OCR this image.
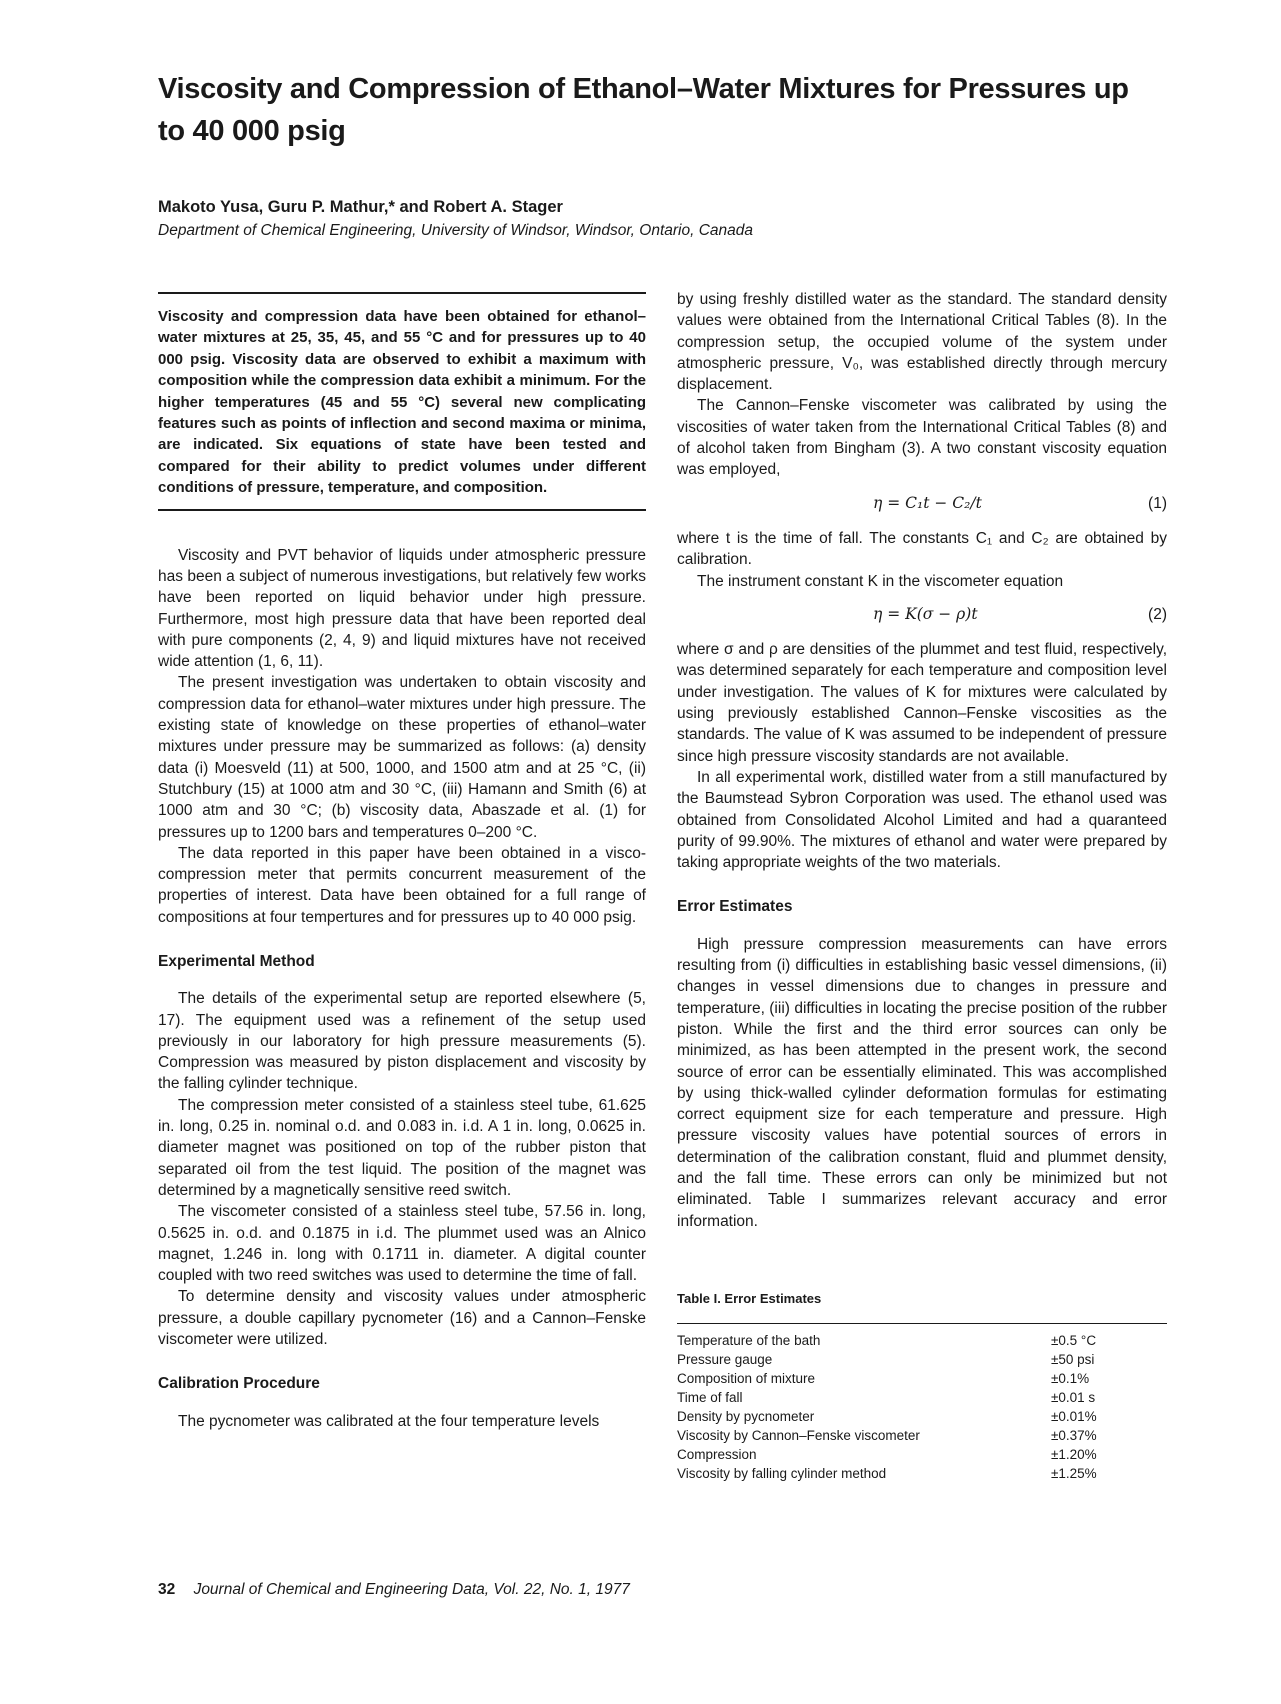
Viscosity and Compression of Ethanol–Water Mixtures for Pressures up to 40 000 psig

Makoto Yusa, Guru P. Mathur,* and Robert A. Stager

Department of Chemical Engineering, University of Windsor, Windsor, Ontario, Canada

Viscosity and compression data have been obtained for ethanol–water mixtures at 25, 35, 45, and 55 °C and for pressures up to 40 000 psig. Viscosity data are observed to exhibit a maximum with composition while the compression data exhibit a minimum. For the higher temperatures (45 and 55 °C) several new complicating features such as points of inflection and second maxima or minima, are indicated. Six equations of state have been tested and compared for their ability to predict volumes under different conditions of pressure, temperature, and composition.

Viscosity and PVT behavior of liquids under atmospheric pressure has been a subject of numerous investigations, but relatively few works have been reported on liquid behavior under high pressure. Furthermore, most high pressure data that have been reported deal with pure components (2, 4, 9) and liquid mixtures have not received wide attention (1, 6, 11).

The present investigation was undertaken to obtain viscosity and compression data for ethanol–water mixtures under high pressure. The existing state of knowledge on these properties of ethanol–water mixtures under pressure may be summarized as follows: (a) density data (i) Moesveld (11) at 500, 1000, and 1500 atm and at 25 °C, (ii) Stutchbury (15) at 1000 atm and 30 °C, (iii) Hamann and Smith (6) at 1000 atm and 30 °C; (b) viscosity data, Abaszade et al. (1) for pressures up to 1200 bars and temperatures 0–200 °C.

The data reported in this paper have been obtained in a visco-compression meter that permits concurrent measurement of the properties of interest. Data have been obtained for a full range of compositions at four tempertures and for pressures up to 40 000 psig.

Experimental Method

The details of the experimental setup are reported elsewhere (5, 17). The equipment used was a refinement of the setup used previously in our laboratory for high pressure measurements (5). Compression was measured by piston displacement and viscosity by the falling cylinder technique.

The compression meter consisted of a stainless steel tube, 61.625 in. long, 0.25 in. nominal o.d. and 0.083 in. i.d. A 1 in. long, 0.0625 in. diameter magnet was positioned on top of the rubber piston that separated oil from the test liquid. The position of the magnet was determined by a magnetically sensitive reed switch.

The viscometer consisted of a stainless steel tube, 57.56 in. long, 0.5625 in. o.d. and 0.1875 in i.d. The plummet used was an Alnico magnet, 1.246 in. long with 0.1711 in. diameter. A digital counter coupled with two reed switches was used to determine the time of fall.

To determine density and viscosity values under atmospheric pressure, a double capillary pycnometer (16) and a Cannon–Fenske viscometer were utilized.

Calibration Procedure

The pycnometer was calibrated at the four temperature levels

by using freshly distilled water as the standard. The standard density values were obtained from the International Critical Tables (8). In the compression setup, the occupied volume of the system under atmospheric pressure, V₀, was established directly through mercury displacement.

The Cannon–Fenske viscometer was calibrated by using the viscosities of water taken from the International Critical Tables (8) and of alcohol taken from Bingham (3). A two constant viscosity equation was employed,

η = C₁t − C₂/t	(1)

where t is the time of fall. The constants C₁ and C₂ are obtained by calibration.

The instrument constant K in the viscometer equation

η = K(σ − ρ)t	(2)

where σ and ρ are densities of the plummet and test fluid, respectively, was determined separately for each temperature and composition level under investigation. The values of K for mixtures were calculated by using previously established Cannon–Fenske viscosities as the standards. The value of K was assumed to be independent of pressure since high pressure viscosity standards are not available.

In all experimental work, distilled water from a still manufactured by the Baumstead Sybron Corporation was used. The ethanol used was obtained from Consolidated Alcohol Limited and had a quaranteed purity of 99.90%. The mixtures of ethanol and water were prepared by taking appropriate weights of the two materials.

Error Estimates

High pressure compression measurements can have errors resulting from (i) difficulties in establishing basic vessel dimensions, (ii) changes in vessel dimensions due to changes in pressure and temperature, (iii) difficulties in locating the precise position of the rubber piston. While the first and the third error sources can only be minimized, as has been attempted in the present work, the second source of error can be essentially eliminated. This was accomplished by using thick-walled cylinder deformation formulas for estimating correct equipment size for each temperature and pressure. High pressure viscosity values have potential sources of errors in determination of the calibration constant, fluid and plummet density, and the fall time. These errors can only be minimized but not eliminated. Table I summarizes relevant accuracy and error information.

Table I. Error Estimates
Temperature of the bath	±0.5 °C
Pressure gauge	±50 psi
Composition of mixture	±0.1%
Time of fall	±0.01 s
Density by pycnometer	±0.01%
Viscosity by Cannon–Fenske viscometer	±0.37%
Compression	±1.20%
Viscosity by falling cylinder method	±1.25%

32 Journal of Chemical and Engineering Data, Vol. 22, No. 1, 1977
